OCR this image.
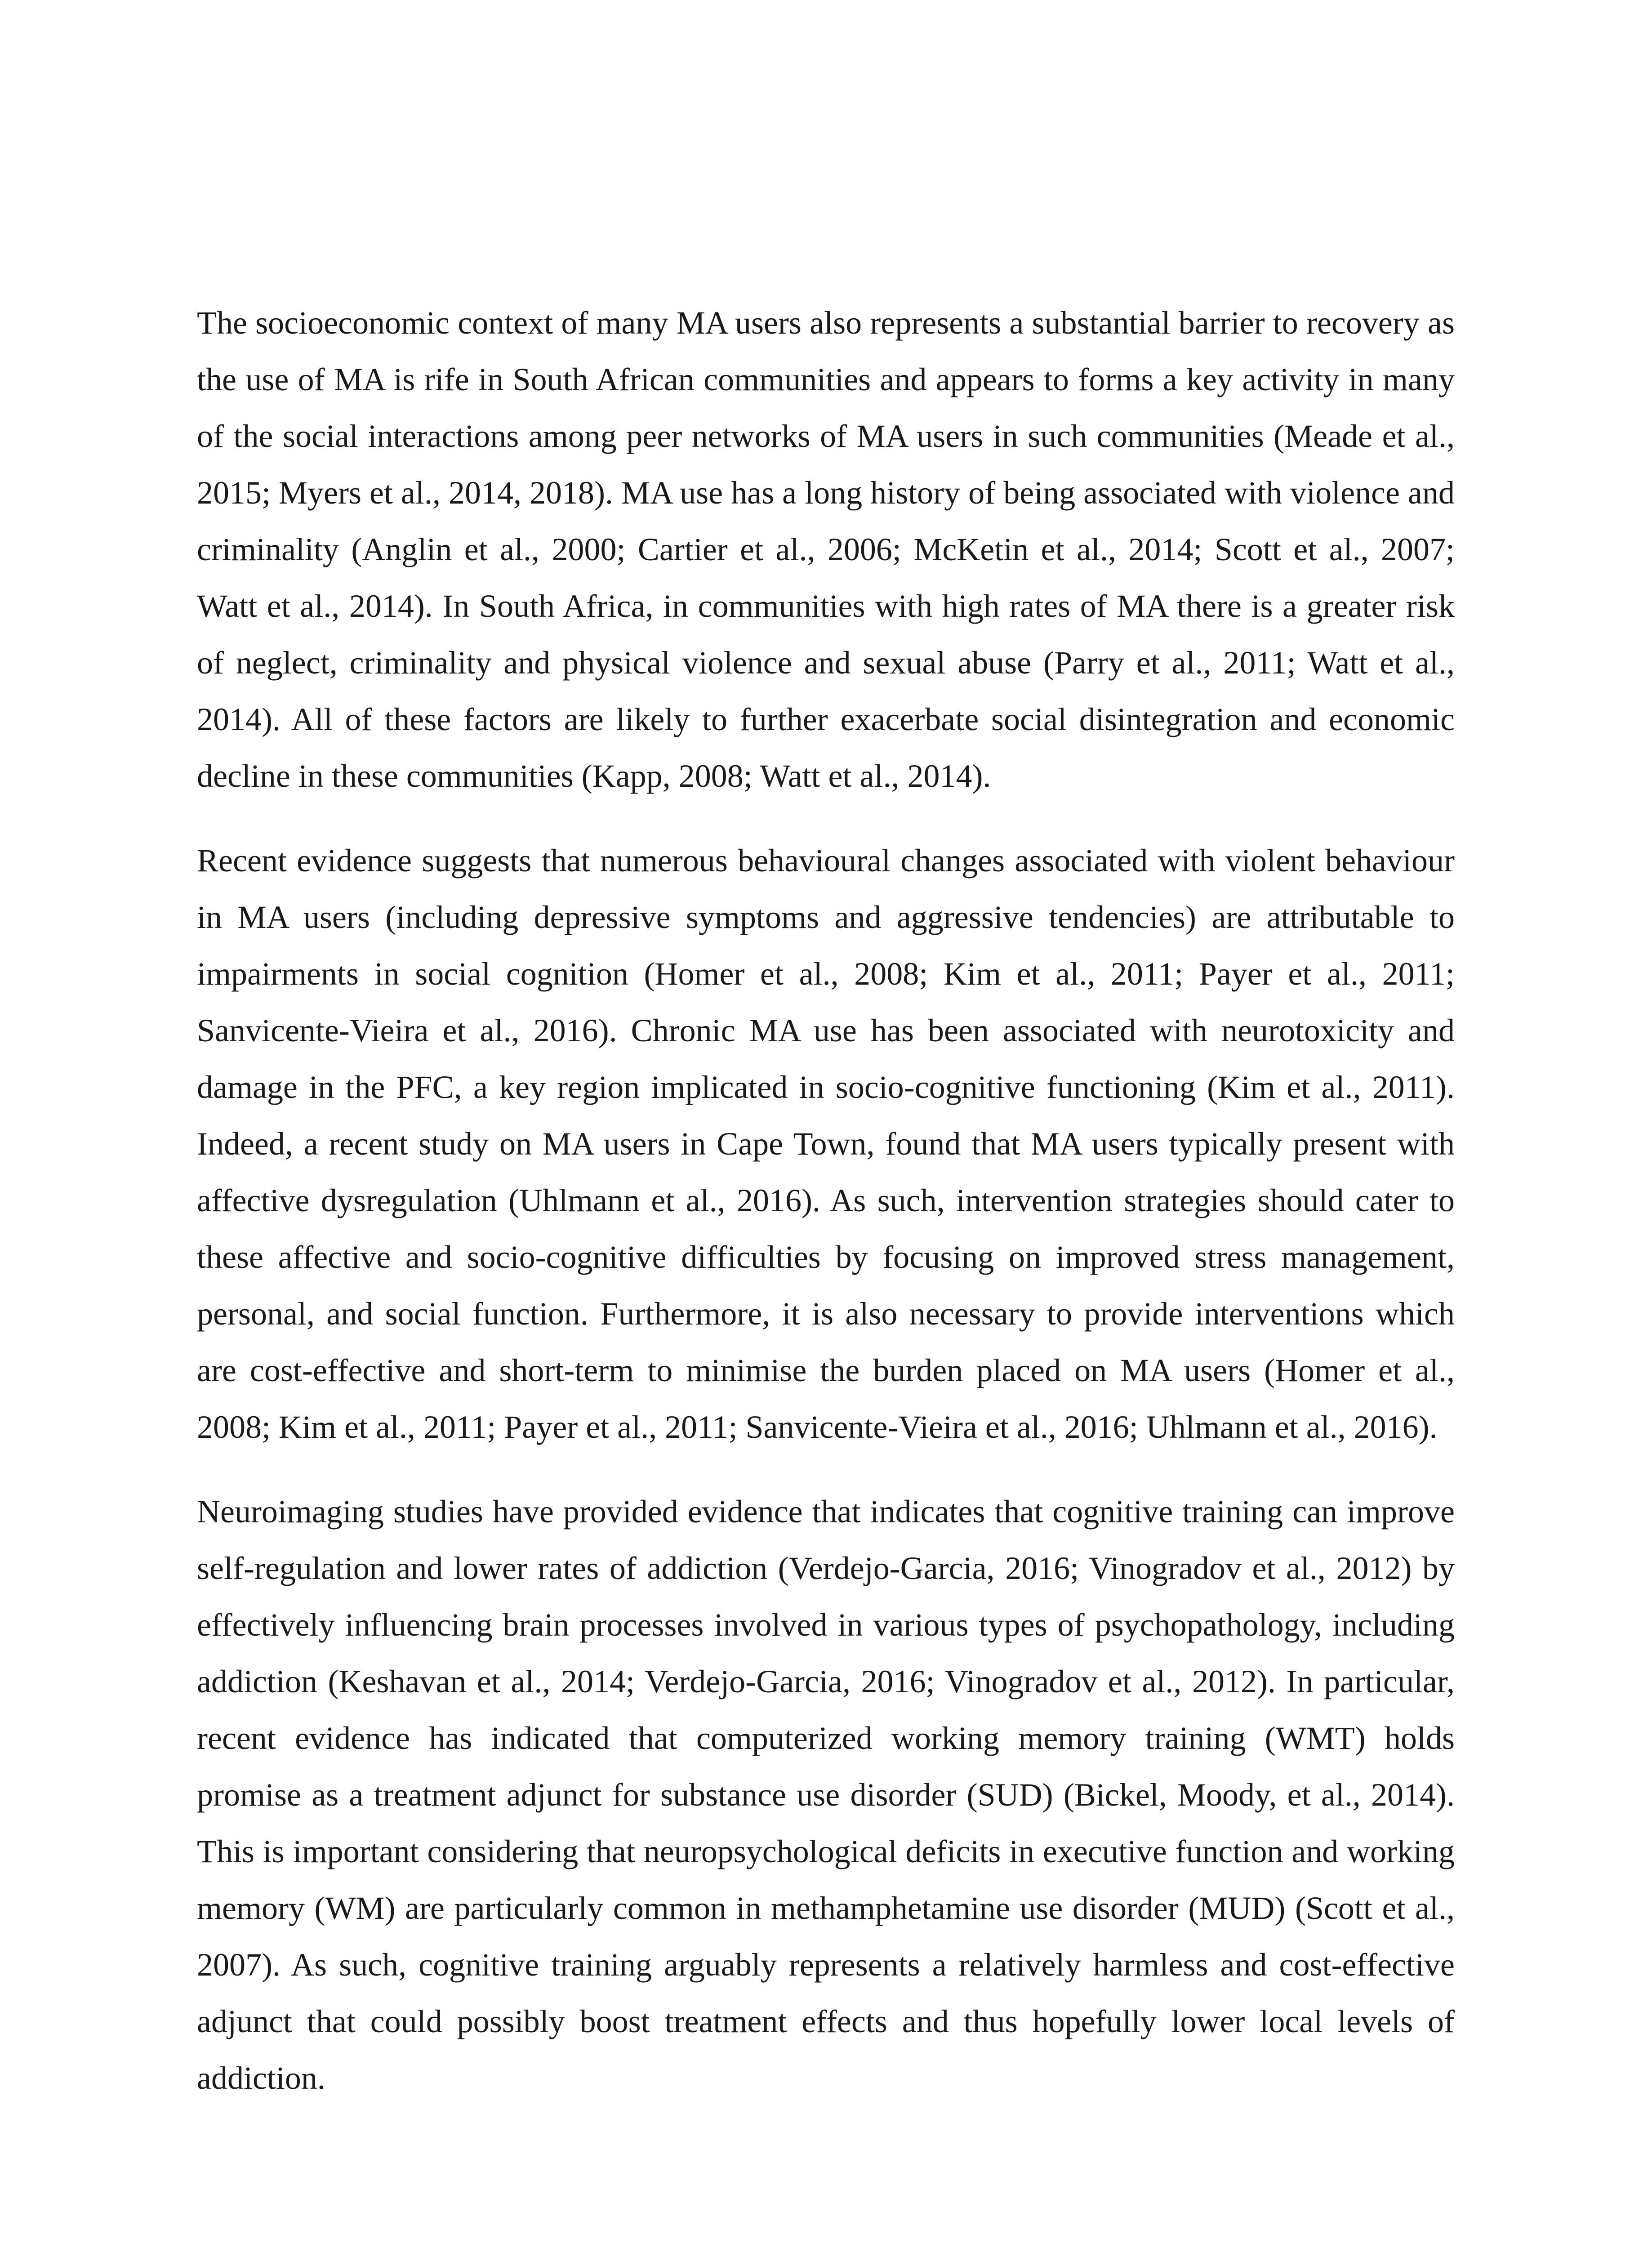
The socioeconomic context of many MA users also represents a substantial barrier to recovery as the use of MA is rife in South African communities and appears to forms a key activity in many of the social interactions among peer networks of MA users in such communities (Meade et al., 2015; Myers et al., 2014, 2018). MA use has a long history of being associated with violence and criminality (Anglin et al., 2000; Cartier et al., 2006; McKetin et al., 2014; Scott et al., 2007; Watt et al., 2014). In South Africa, in communities with high rates of MA there is a greater risk of neglect, criminality and physical violence and sexual abuse (Parry et al., 2011; Watt et al., 2014). All of these factors are likely to further exacerbate social disintegration and economic decline in these communities (Kapp, 2008; Watt et al., 2014).

Recent evidence suggests that numerous behavioural changes associated with violent behaviour in MA users (including depressive symptoms and aggressive tendencies) are attributable to impairments in social cognition (Homer et al., 2008; Kim et al., 2011; Payer et al., 2011; Sanvicente-Vieira et al., 2016). Chronic MA use has been associated with neurotoxicity and damage in the PFC, a key region implicated in socio-cognitive functioning (Kim et al., 2011). Indeed, a recent study on MA users in Cape Town, found that MA users typically present with affective dysregulation (Uhlmann et al., 2016). As such, intervention strategies should cater to these affective and socio-cognitive difficulties by focusing on improved stress management, personal, and social function. Furthermore, it is also necessary to provide interventions which are cost-effective and short-term to minimise the burden placed on MA users (Homer et al., 2008; Kim et al., 2011; Payer et al., 2011; Sanvicente-Vieira et al., 2016; Uhlmann et al., 2016).

Neuroimaging studies have provided evidence that indicates that cognitive training can improve self-regulation and lower rates of addiction (Verdejo-Garcia, 2016; Vinogradov et al., 2012) by effectively influencing brain processes involved in various types of psychopathology, including addiction (Keshavan et al., 2014; Verdejo-Garcia, 2016; Vinogradov et al., 2012). In particular, recent evidence has indicated that computerized working memory training (WMT) holds promise as a treatment adjunct for substance use disorder (SUD) (Bickel, Moody, et al., 2014). This is important considering that neuropsychological deficits in executive function and working memory (WM) are particularly common in methamphetamine use disorder (MUD) (Scott et al., 2007). As such, cognitive training arguably represents a relatively harmless and cost-effective adjunct that could possibly boost treatment effects and thus hopefully lower local levels of addiction.
